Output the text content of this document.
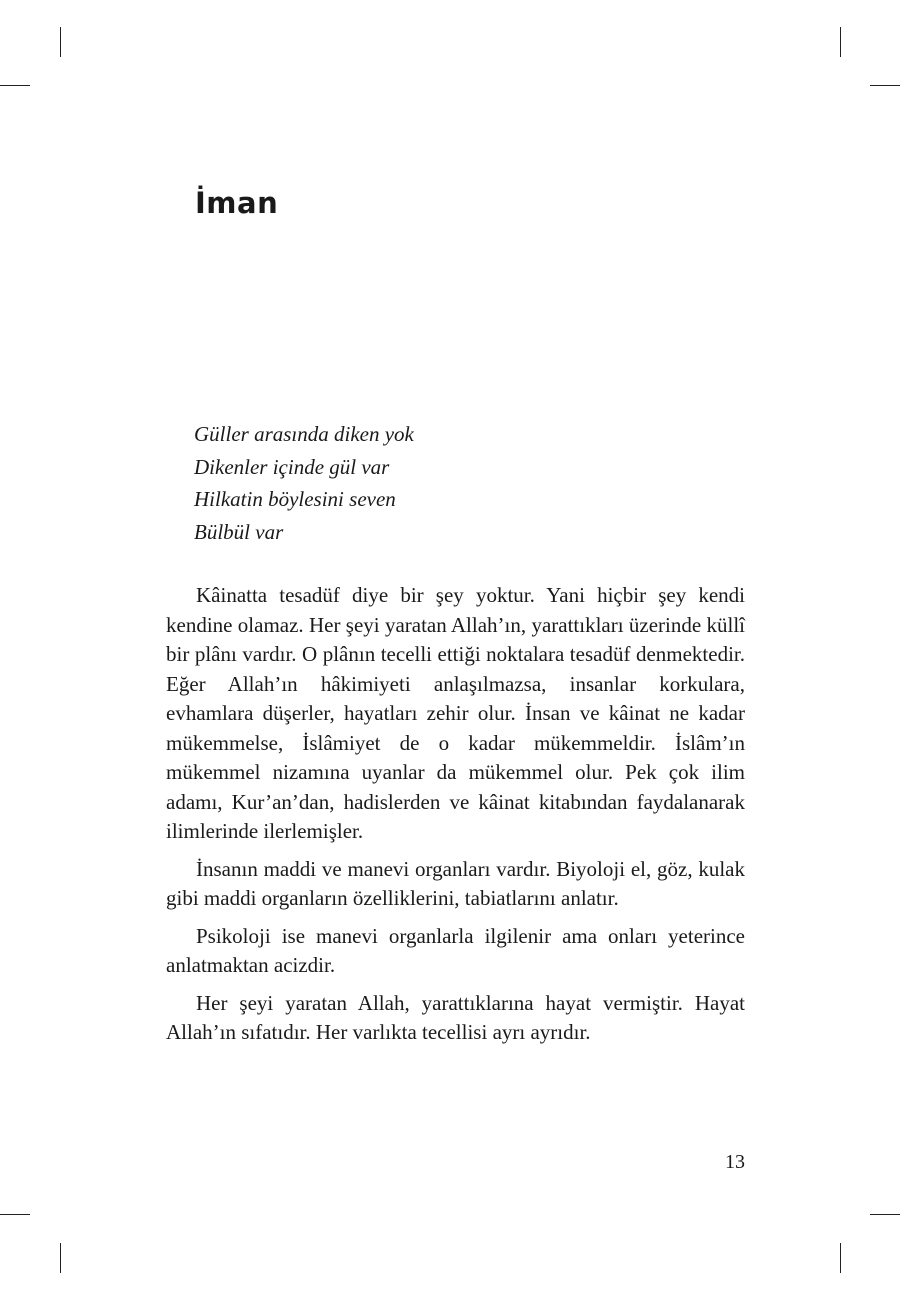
İman
Güller arasında diken yok
Dikenler içinde gül var
Hilkatin böylesini seven
Bülbül var

Kâinatta tesadüf diye bir şey yoktur. Yani hiçbir şey kendi kendine olamaz. Her şeyi yaratan Allah’ın, yarattıkları üzerinde küllî bir plânı vardır. O plânın tecelli ettiği noktalara tesadüf denmektedir. Eğer Allah’ın hâkimiyeti anlaşılmazsa, insanlar korkulara, evhamlara düşerler, hayatları zehir olur. İnsan ve kâinat ne kadar mükemmelse, İslâmiyet de o kadar mükemmeldir. İslâm’ın mükemmel nizamına uyanlar da mükemmel olur. Pek çok ilim adamı, Kur’an’dan, hadislerden ve kâinat kitabından faydalanarak ilimlerinde ilerlemişler.

İnsanın maddi ve manevi organları vardır. Biyoloji el, göz, kulak gibi maddi organların özelliklerini, tabiatlarını anlatır.

Psikoloji ise manevi organlarla ilgilenir ama onları yeterince anlatmaktan acizdir.

Her şeyi yaratan Allah, yarattıklarına hayat vermiştir. Hayat Allah’ın sıfatıdır. Her varlıkta tecellisi ayrı ayrıdır.

13
